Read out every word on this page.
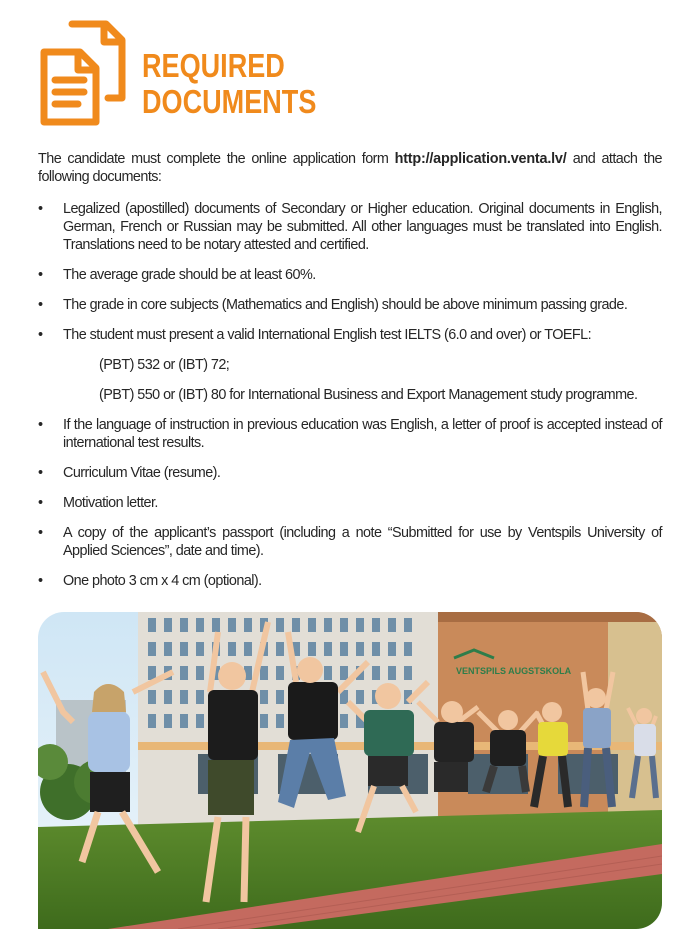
REQUIRED
DOCUMENTS

The candidate must complete the online application form http://application.venta.lv/ and attach the following documents:

• Legalized (apostilled) documents of Secondary or Higher education. Original documents in English, German, French or Russian may be submitted. All other languages must be translated into English. Translations need to be notary attested and certified.
• The average grade should be at least 60%.
• The grade in core subjects (Mathematics and English) should be above minimum passing grade.
• The student must present a valid International English test IELTS (6.0 and over) or TOEFL:

(PBT) 532 or (IBT) 72;

(PBT) 550 or (IBT) 80 for International Business and Export Management study programme.

• If the language of instruction in previous education was English, a letter of proof is accepted instead of international test results.
• Curriculum Vitae (resume).
• Motivation letter.
• A copy of the applicant’s passport (including a note “Submitted for use by Ventspils University of Applied Sciences”, date and time).
• One photo 3 cm x 4 cm (optional).
VENTSPILS AUGSTSKOLA
